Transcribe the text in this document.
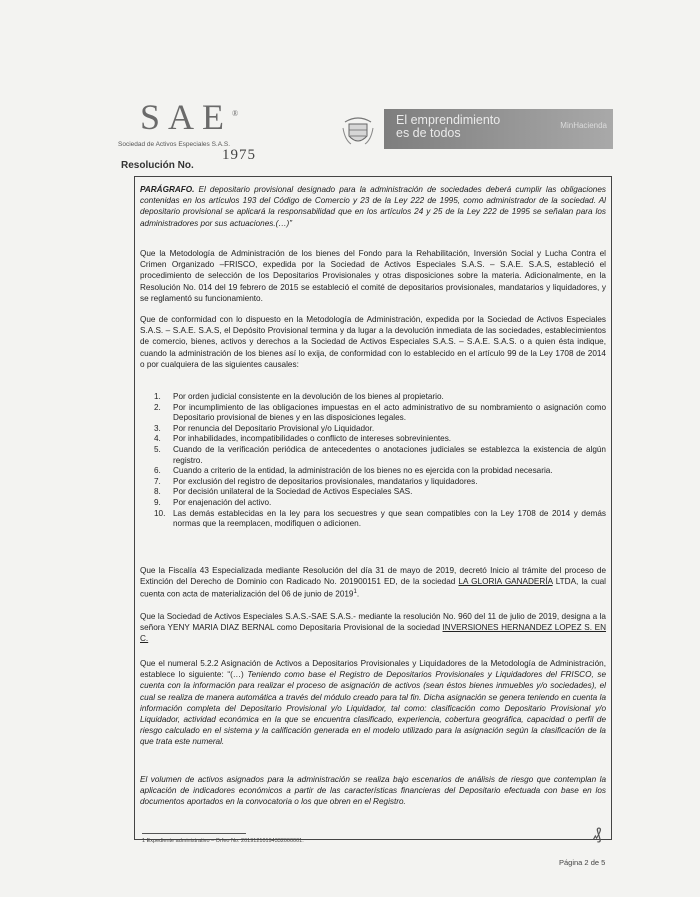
SAE®
Sociedad de Activos Especiales S.A.S.
1975
Resolución No.
El emprendimiento
es de todos
MinHacienda
PARÁGRAFO. El depositario provisional designado para la administración de sociedades deberá cumplir las obligaciones contenidas en los artículos 193 del Código de Comercio y 23 de la Ley 222 de 1995, como administrador de la sociedad. Al depositario provisional se aplicará la responsabilidad que en los artículos 24 y 25 de la Ley 222 de 1995 se señalan para los administradores por sus actuaciones.(…)”
Que la Metodología de Administración de los bienes del Fondo para la Rehabilitación, Inversión Social y Lucha Contra el Crimen Organizado –FRISCO, expedida por la Sociedad de Activos Especiales S.A.S. – S.A.E. S.A.S, estableció el procedimiento de selección de los Depositarios Provisionales y otras disposiciones sobre la materia. Adicionalmente, en la Resolución No. 014 del 19 febrero de 2015 se estableció el comité de depositarios provisionales, mandatarios y liquidadores, y se reglamentó su funcionamiento.
Que de conformidad con lo dispuesto en la Metodología de Administración, expedida por la Sociedad de Activos Especiales S.A.S. – S.A.E. S.A.S, el Depósito Provisional termina y da lugar a la devolución inmediata de las sociedades, establecimientos de comercio, bienes, activos y derechos a la Sociedad de Activos Especiales S.A.S. – S.A.E. S.A.S. o a quien ésta indique, cuando la administración de los bienes así lo exija, de conformidad con lo establecido en el artículo 99 de la Ley 1708 de 2014 o por cualquiera de las siguientes causales:
1. Por orden judicial consistente en la devolución de los bienes al propietario.
2. Por incumplimiento de las obligaciones impuestas en el acto administrativo de su nombramiento o asignación como Depositario provisional de bienes y en las disposiciones legales.
3. Por renuncia del Depositario Provisional y/o Liquidador.
4. Por inhabilidades, incompatibilidades o conflicto de intereses sobrevinientes.
5. Cuando de la verificación periódica de antecedentes o anotaciones judiciales se establezca la existencia de algún registro.
6. Cuando a criterio de la entidad, la administración de los bienes no es ejercida con la probidad necesaria.
7. Por exclusión del registro de depositarios provisionales, mandatarios y liquidadores.
8. Por decisión unilateral de la Sociedad de Activos Especiales SAS.
9. Por enajenación del activo.
10. Las demás establecidas en la ley para los secuestres y que sean compatibles con la Ley 1708 de 2014 y demás normas que la reemplacen, modifiquen o adicionen.
Que la Fiscalía 43 Especializada mediante Resolución del día 31 de mayo de 2019, decretó Inicio al trámite del proceso de Extinción del Derecho de Dominio con Radicado No. 201900151 ED, de la sociedad LA GLORIA GANADERÍA LTDA, la cual cuenta con acta de materialización del 06 de junio de 2019$^1$.
Que la Sociedad de Activos Especiales S.A.S.-SAE S.A.S.- mediante la resolución No. 960 del 11 de julio de 2019, designa a la señora YENY MARIA DIAZ BERNAL como Depositaria Provisional de la sociedad INVERSIONES HERNANDEZ LOPEZ S. EN C.
Que el numeral 5.2.2 Asignación de Activos a Depositarios Provisionales y Liquidadores de la Metodología de Administración, establece lo siguiente: “(…) Teniendo como base el Registro de Depositarios Provisionales y Liquidadores del FRISCO, se cuenta con la información para realizar el proceso de asignación de activos (sean éstos bienes inmuebles y/o sociedades), el cual se realiza de manera automática a través del módulo creado para tal fin. Dicha asignación se genera teniendo en cuenta la información completa del Depositario Provisional y/o Liquidador, tal como: clasificación como Depositario Provisional y/o Liquidador, actividad económica en la que se encuentra clasificado, experiencia, cobertura geográfica, capacidad o perfil de riesgo calculado en el sistema y la calificación generada en el modelo utilizado para la asignación según la clasificación de la que trata este numeral.
El volumen de activos asignados para la administración se realiza bajo escenarios de análisis de riesgo que contemplan la aplicación de indicadores económicos a partir de las características financieras del Depositario efectuada con base en los documentos aportados en la convocatoria o los que obren en el Registro.
1 Expediente administrativo – Orfeo No. 20191210194332000001.	₰
Página 2 de 5
